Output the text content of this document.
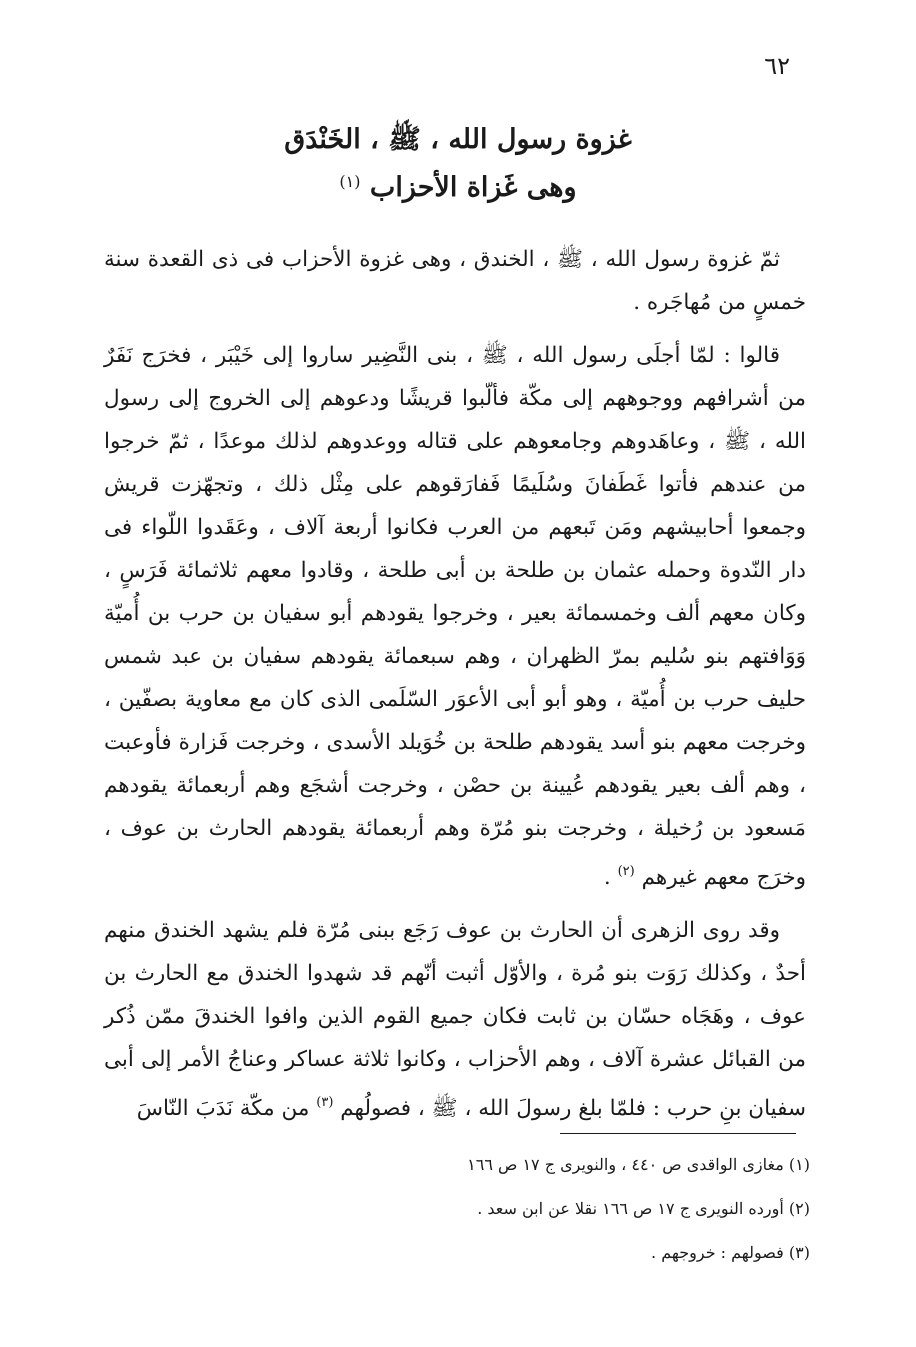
٦٢
غزوة رسول الله ، ﷺ ، الخَنْدَق
وهى غَزاة الأحزاب $^{(١)}$

ثمّ غزوة رسول الله ، ﷺ ، الخندق ، وهى غزوة الأحزاب فى ذى القعدة سنة خمسٍ من مُهاجَره .

قالوا : لمّا أجلَى رسول الله ، ﷺ ، بنى النَّضِير ساروا إلى خَيْبَر ، فخرَج نَفَرٌ من أشرافهم ووجوههم إلى مكّة فألّبوا قريشًا ودعوهم إلى الخروج إلى رسول الله ، ﷺ ، وعاهَدوهم وجامعوهم على قتاله ووعدوهم لذلك موعدًا ، ثمّ خرجوا من عندهم فأتوا غَطَفانَ وسُلَيمًا فَفارَقوهم على مِثْل ذلك ، وتجهّزت قريش وجمعوا أحابيشهم ومَن تَبعهم من العرب فكانوا أربعة آلاف ، وعَقَدوا اللّواء فى دار النّدوة وحمله عثمان بن طلحة بن أبى طلحة ، وقادوا معهم ثلاثمائة فَرَسٍ ، وكان معهم ألف وخمسمائة بعير ، وخرجوا يقودهم أبو سفيان بن حرب بن أُميّة وَوَافتهم بنو سُليم بمرّ الظهران ، وهم سبعمائة يقودهم سفيان بن عبد شمس حليف حرب بن أُميّة ، وهو أبو أبى الأعوَر السّلَمى الذى كان مع معاوية بصفّين ، وخرجت معهم بنو أسد يقودهم طلحة بن خُوَيلد الأسدى ، وخرجت فَزارة فأوعبت ، وهم ألف بعير يقودهم عُيينة بن حصْن ، وخرجت أشجَع وهم أربعمائة يقودهم مَسعود بن رُخيلة ، وخرجت بنو مُرّة وهم أربعمائة يقودهم الحارث بن عوف ، وخرَج معهم غيرهم $^{(٢)}$ .

وقد روى الزهرى أن الحارث بن عوف رَجَع ببنى مُرّة فلم يشهد الخندق منهم أحدٌ ، وكذلك رَوَت بنو مُرة ، والأوّل أثبت أنّهم قد شهدوا الخندق مع الحارث بن عوف ، وهَجَاه حسّان بن ثابت فكان جميع القوم الذين وافوا الخندقَ ممّن ذُكر من القبائل عشرة آلاف ، وهم الأحزاب ، وكانوا ثلاثة عساكر وعناجُ الأمر إلى أبى سفيان بنِ حرب : فلمّا بلغ رسولَ الله ، ﷺ ، فصولُهم $^{(٣)}$ من مكّة نَدَبَ النّاسَ

(١) مغازى الواقدى ص ٤٤٠ ، والنويرى ج ١٧ ص ١٦٦

(٢) أورده النويرى ج ١٧ ص ١٦٦ نقلا عن ابن سعد .

(٣) فصولهم : خروجهم .
